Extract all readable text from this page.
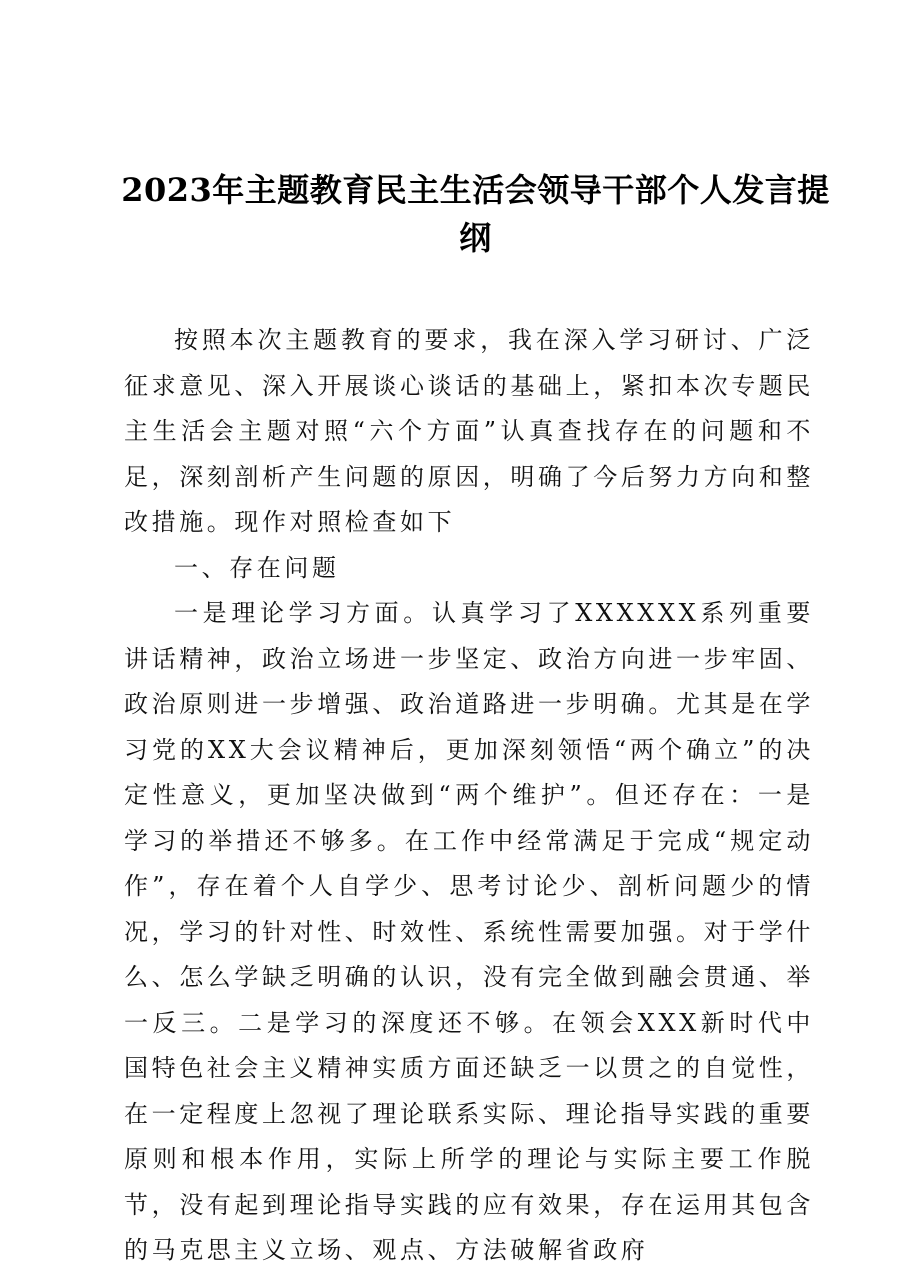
2023年主题教育民主生活会领导干部个人发言提纲

按照本次主题教育的要求，我在深入学习研讨、广泛征求意见、深入开展谈心谈话的基础上，紧扣本次专题民主生活会主题对照“六个方面”认真查找存在的问题和不足，深刻剖析产生问题的原因，明确了今后努力方向和整改措施。现作对照检查如下

一、存在问题

一是理论学习方面。认真学习了XXXXXX系列重要讲话精神，政治立场进一步坚定、政治方向进一步牢固、政治原则进一步增强、政治道路进一步明确。尤其是在学习党的XX大会议精神后，更加深刻领悟“两个确立”的决定性意义，更加坚决做到“两个维护”。但还存在：一是学习的举措还不够多。在工作中经常满足于完成“规定动作”，存在着个人自学少、思考讨论少、剖析问题少的情况，学习的针对性、时效性、系统性需要加强。对于学什么、怎么学缺乏明确的认识，没有完全做到融会贯通、举一反三。二是学习的深度还不够。在领会XXX新时代中国特色社会主义精神实质方面还缺乏一以贯之的自觉性，在一定程度上忽视了理论联系实际、理论指导实践的重要原则和根本作用，实际上所学的理论与实际主要工作脱节，没有起到理论指导实践的应有效果，存在运用其包含的马克思主义立场、观点、方法破解省政府
